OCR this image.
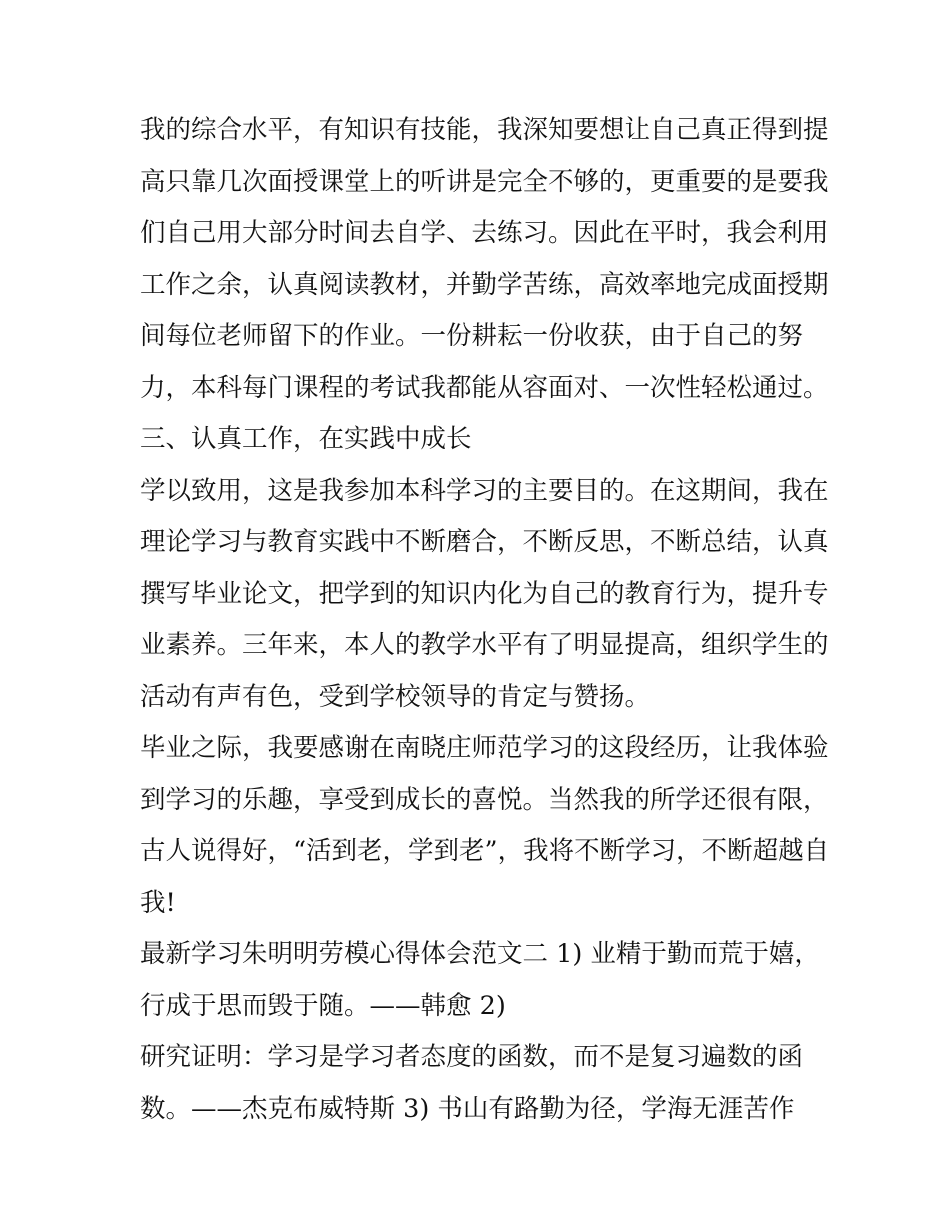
我的综合水平，有知识有技能，我深知要想让自己真正得到提
高只靠几次面授课堂上的听讲是完全不够的，更重要的是要我
们自己用大部分时间去自学、去练习。因此在平时，我会利用
工作之余，认真阅读教材，并勤学苦练，高效率地完成面授期
间每位老师留下的作业。一份耕耘一份收获，由于自己的努
力，本科每门课程的考试我都能从容面对、一次性轻松通过。
三、认真工作，在实践中成长
学以致用，这是我参加本科学习的主要目的。在这期间，我在
理论学习与教育实践中不断磨合，不断反思，不断总结，认真
撰写毕业论文，把学到的知识内化为自己的教育行为，提升专
业素养。三年来，本人的教学水平有了明显提高，组织学生的
活动有声有色，受到学校领导的肯定与赞扬。
毕业之际，我要感谢在南晓庄师范学习的这段经历，让我体验
到学习的乐趣，享受到成长的喜悦。当然我的所学还很有限，
古人说得好，“活到老，学到老”，我将不断学习，不断超越自
我!
最新学习朱明明劳模心得体会范文二 1) 业精于勤而荒于嬉，
行成于思而毁于随。——韩愈 2)
研究证明：学习是学习者态度的函数，而不是复习遍数的函
数。——杰克布威特斯 3) 书山有路勤为径，学海无涯苦作
